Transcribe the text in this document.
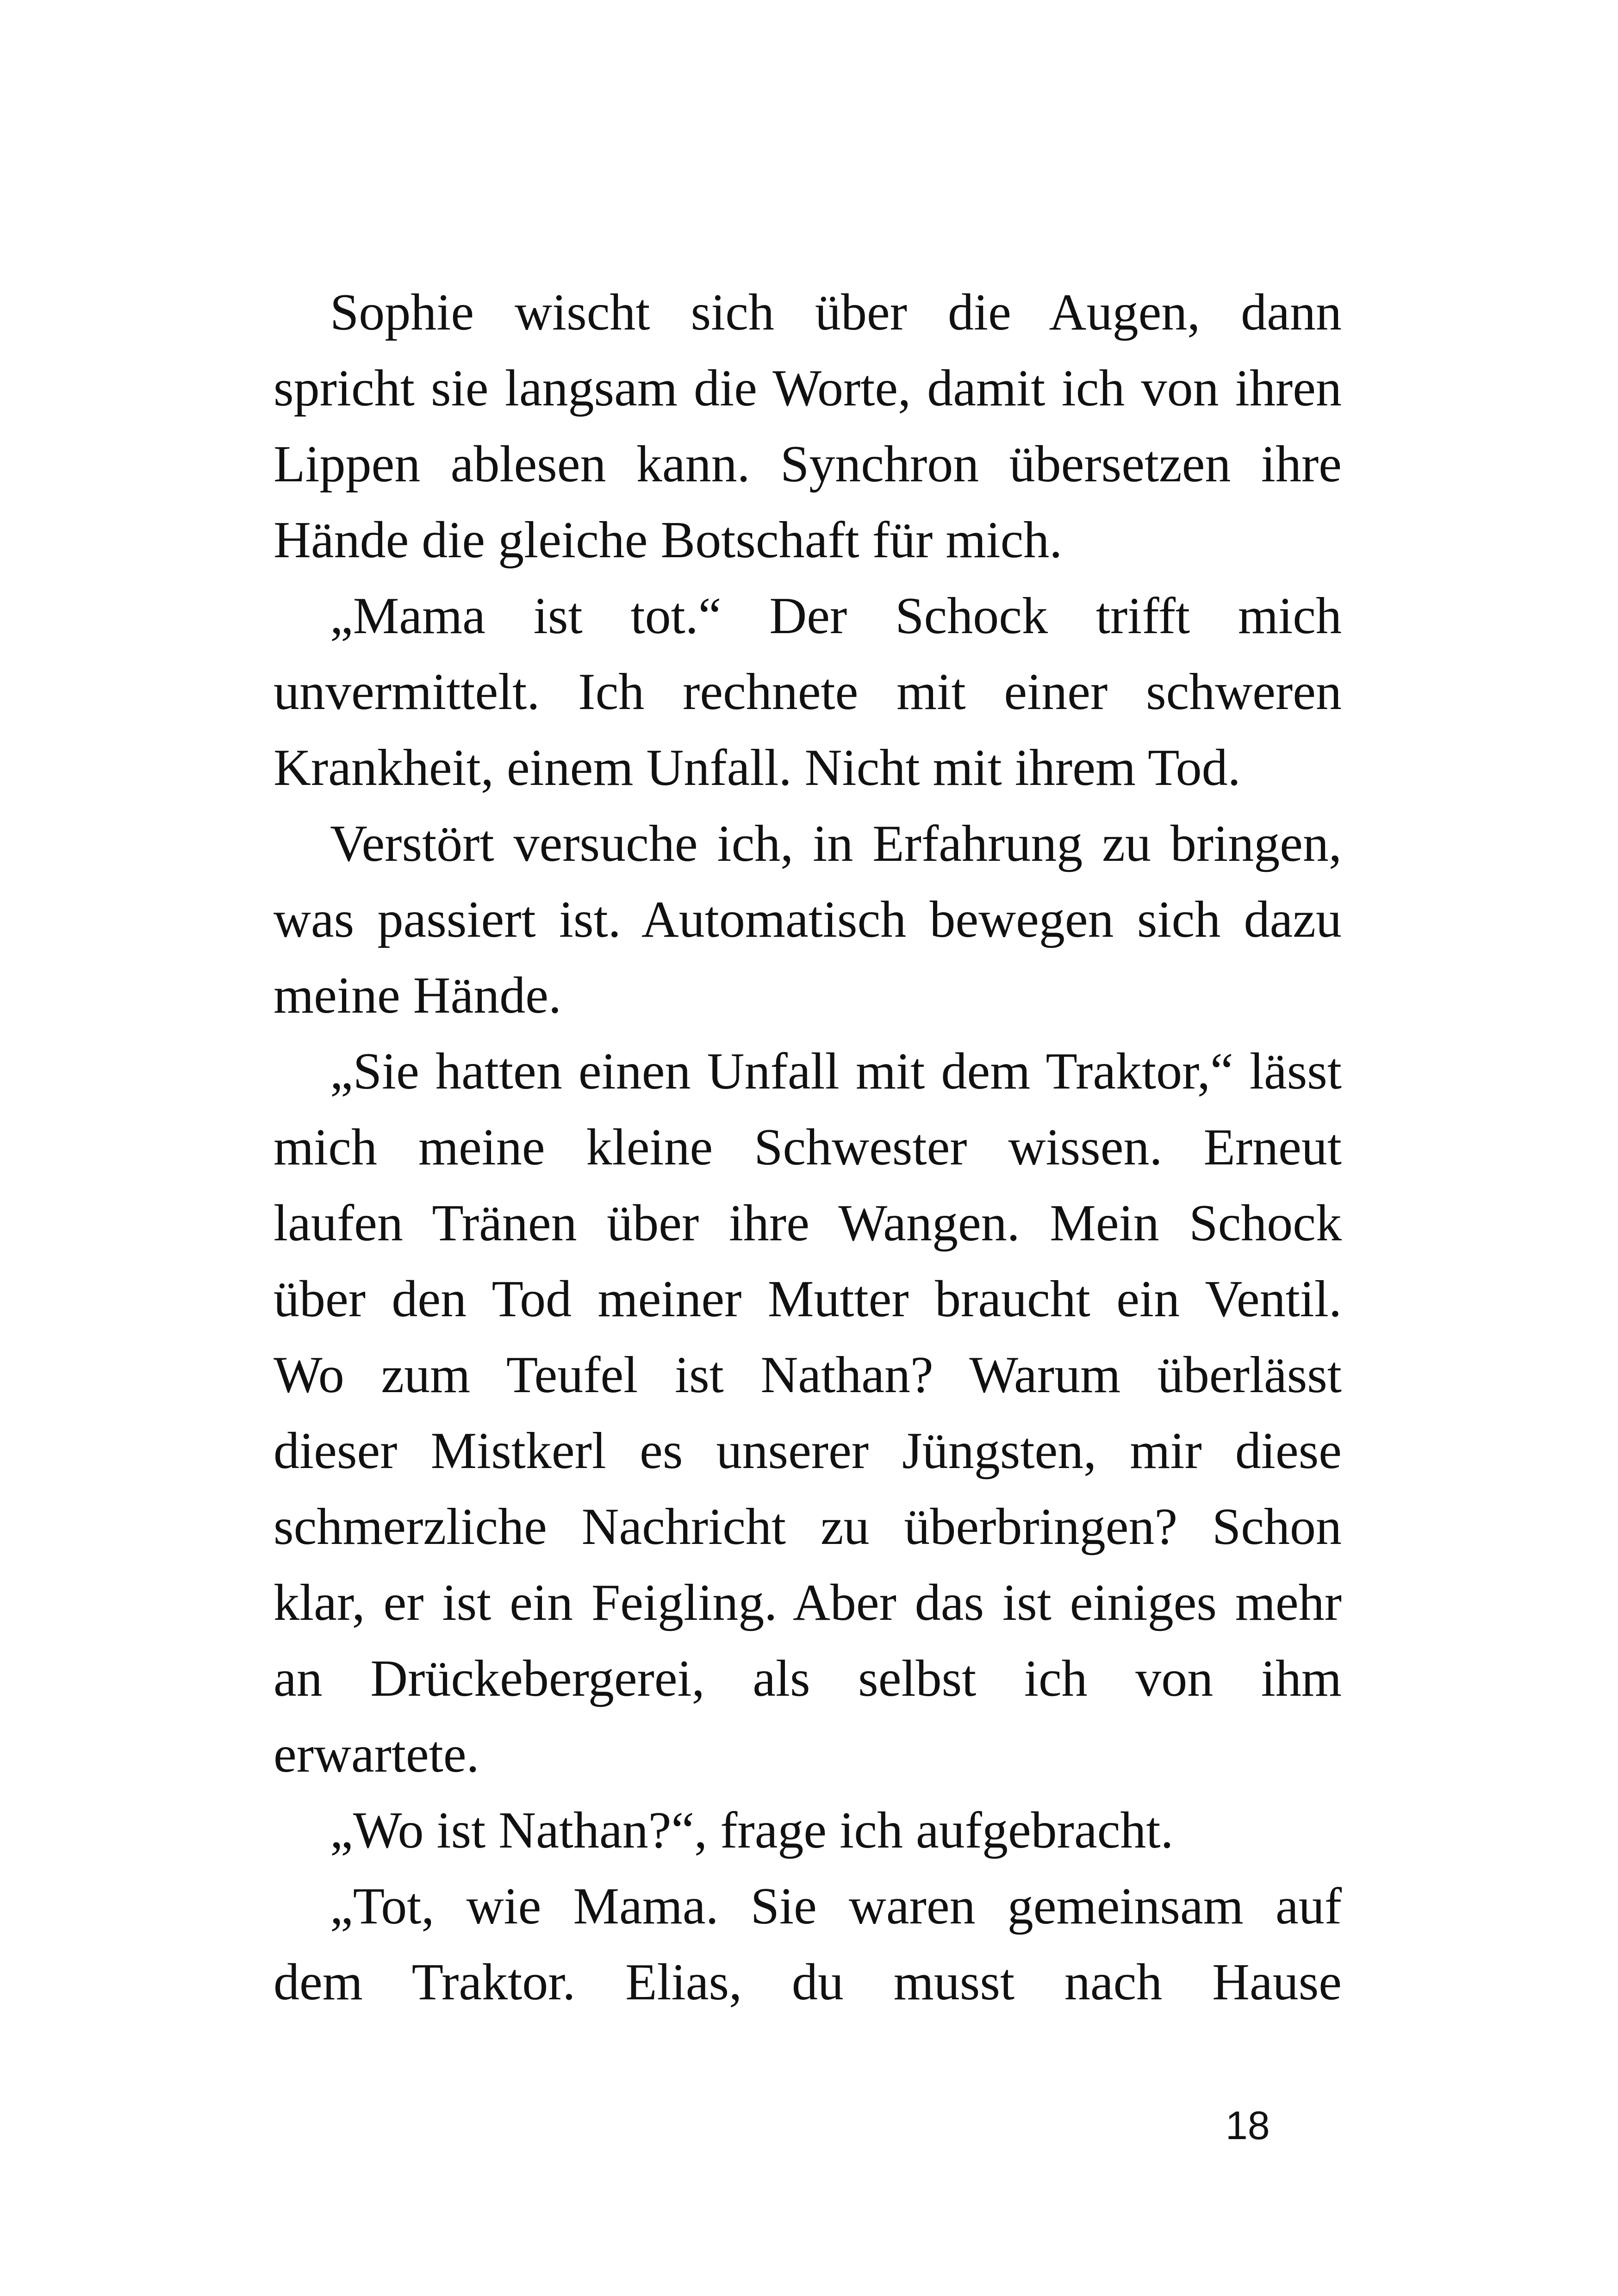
Sophie wischt sich über die Augen, dann
spricht sie langsam die Worte, damit ich von ihren
Lippen ablesen kann. Synchron übersetzen ihre
Hände die gleiche Botschaft für mich.

„Mama ist tot.“ Der Schock trifft mich
unvermittelt. Ich rechnete mit einer schweren
Krankheit, einem Unfall. Nicht mit ihrem Tod.

Verstört versuche ich, in Erfahrung zu bringen,
was passiert ist. Automatisch bewegen sich dazu
meine Hände.

„Sie hatten einen Unfall mit dem Traktor,“ lässt
mich meine kleine Schwester wissen. Erneut
laufen Tränen über ihre Wangen. Mein Schock
über den Tod meiner Mutter braucht ein Ventil.
Wo zum Teufel ist Nathan? Warum überlässt
dieser Mistkerl es unserer Jüngsten, mir diese
schmerzliche Nachricht zu überbringen? Schon
klar, er ist ein Feigling. Aber das ist einiges mehr
an Drückebergerei, als selbst ich von ihm
erwartete.

„Wo ist Nathan?“, frage ich aufgebracht.

„Tot, wie Mama. Sie waren gemeinsam auf
dem Traktor. Elias, du musst nach Hause

18
